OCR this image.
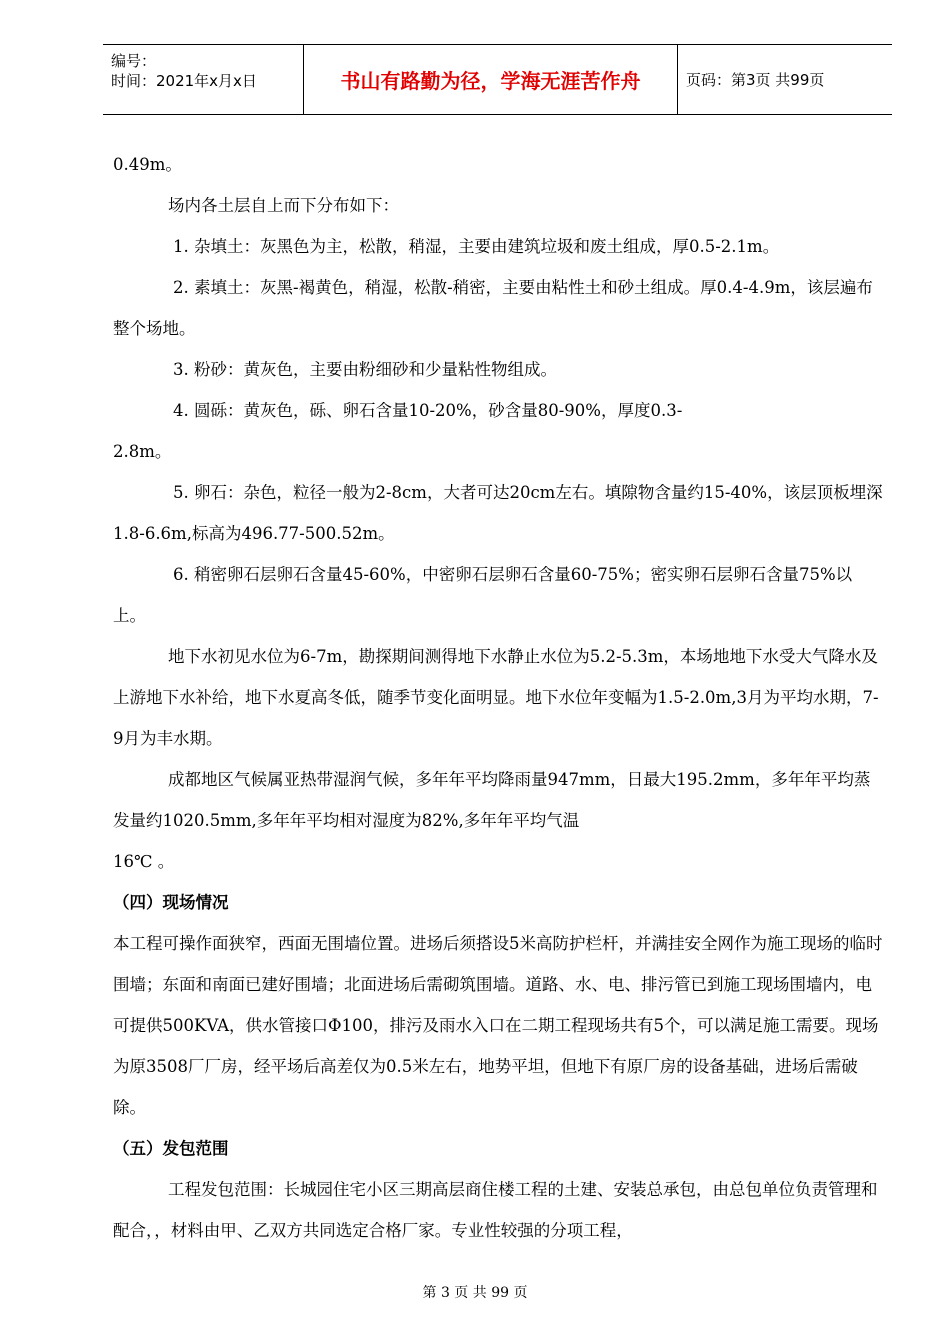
编号：
时间：2021年x月x日	书山有路勤为径，学海无涯苦作舟	页码：第3页 共99页

0.49m。

场内各土层自上而下分布如下：

1. 杂填土：灰黑色为主，松散，稍湿，主要由建筑垃圾和废土组成，厚0.5-2.1m。

2. 素填土：灰黑-褐黄色，稍湿，松散-稍密，主要由粘性土和砂土组成。厚0.4-4.9m，该层遍布整个场地。

3. 粉砂：黄灰色，主要由粉细砂和少量粘性物组成。

4. 圆砾：黄灰色，砾、卵石含量10-20%，砂含量80-90%，厚度0.3-

2.8m。

5. 卵石：杂色，粒径一般为2-8cm，大者可达20cm左右。填隙物含量约15-40%，该层顶板埋深1.8-6.6m,标高为496.77-500.52m。

6. 稍密卵石层卵石含量45-60%，中密卵石层卵石含量60-75%；密实卵石层卵石含量75%以上。

地下水初见水位为6-7m，勘探期间测得地下水静止水位为5.2-5.3m，本场地地下水受大气降水及上游地下水补给，地下水夏高冬低，随季节变化面明显。地下水位年变幅为1.5-2.0m,3月为平均水期，7-9月为丰水期。

成都地区气候属亚热带湿润气候，多年年平均降雨量947mm，日最大195.2mm，多年年平均蒸发量约1020.5mm,多年年平均相对湿度为82%,多年年平均气温

16℃ 。

（四）现场情况

本工程可操作面狭窄，西面无围墙位置。进场后须搭设5米高防护栏杆，并满挂安全网作为施工现场的临时围墙；东面和南面已建好围墙；北面进场后需砌筑围墙。道路、水、电、排污管已到施工现场围墙内，电可提供500KVA，供水管接口Φ100，排污及雨水入口在二期工程现场共有5个，可以满足施工需要。现场为原3508厂厂房，经平场后高差仅为0.5米左右，地势平坦，但地下有原厂房的设备基础，进场后需破除。

（五）发包范围

工程发包范围：长城园住宅小区三期高层商住楼工程的土建、安装总承包，由总包单位负责管理和配合，，材料由甲、乙双方共同选定合格厂家。专业性较强的分项工程，

第 3 页 共 99 页
